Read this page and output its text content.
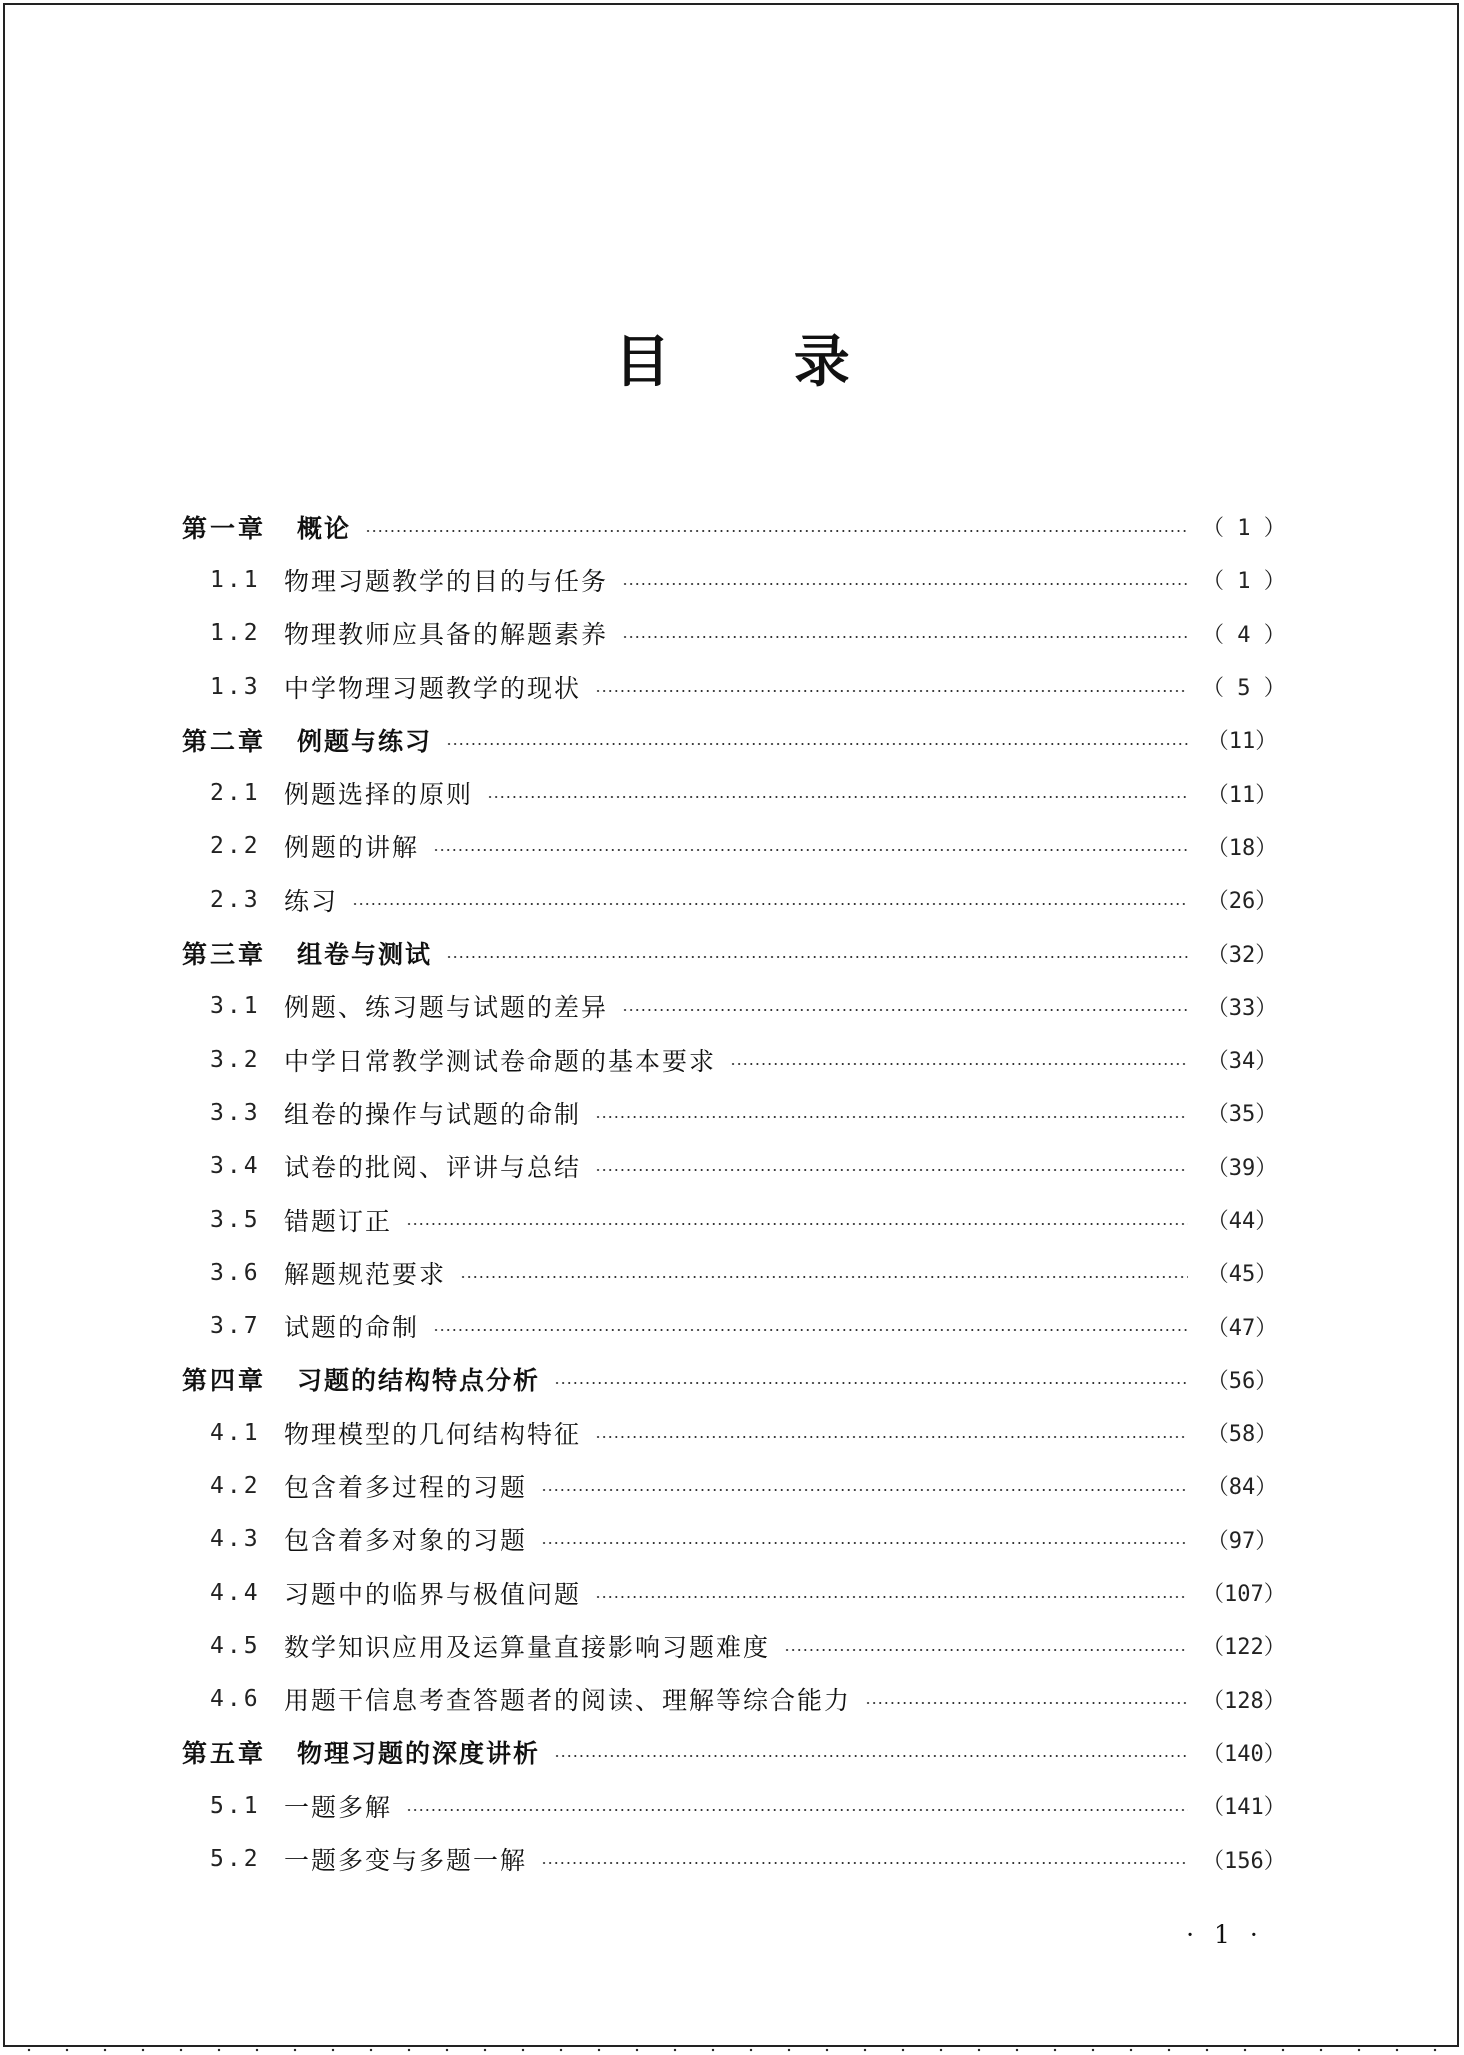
目 录
第一章	概论	（ 1 ）
1.1 物理习题教学的目的与任务	（ 1 ）
1.2 物理教师应具备的解题素养	（ 4 ）
1.3 中学物理习题教学的现状	（ 5 ）
第二章	例题与练习	（11）
2.1 例题选择的原则	（11）
2.2 例题的讲解	（18）
2.3 练习	（26）
第三章	组卷与测试	（32）
3.1 例题、练习题与试题的差异	（33）
3.2 中学日常教学测试卷命题的基本要求	（34）
3.3 组卷的操作与试题的命制	（35）
3.4 试卷的批阅、评讲与总结	（39）
3.5 错题订正	（44）
3.6 解题规范要求	（45）
3.7 试题的命制	（47）
第四章	习题的结构特点分析	（56）
4.1 物理模型的几何结构特征	（58）
4.2 包含着多过程的习题	（84）
4.3 包含着多对象的习题	（97）
4.4 习题中的临界与极值问题	（107）
4.5 数学知识应用及运算量直接影响习题难度	（122）
4.6 用题干信息考查答题者的阅读、理解等综合能力	（128）
第五章	物理习题的深度讲析	（140）
5.1 一题多解	（141）
5.2 一题多变与多题一解	（156）
· 1 ·
